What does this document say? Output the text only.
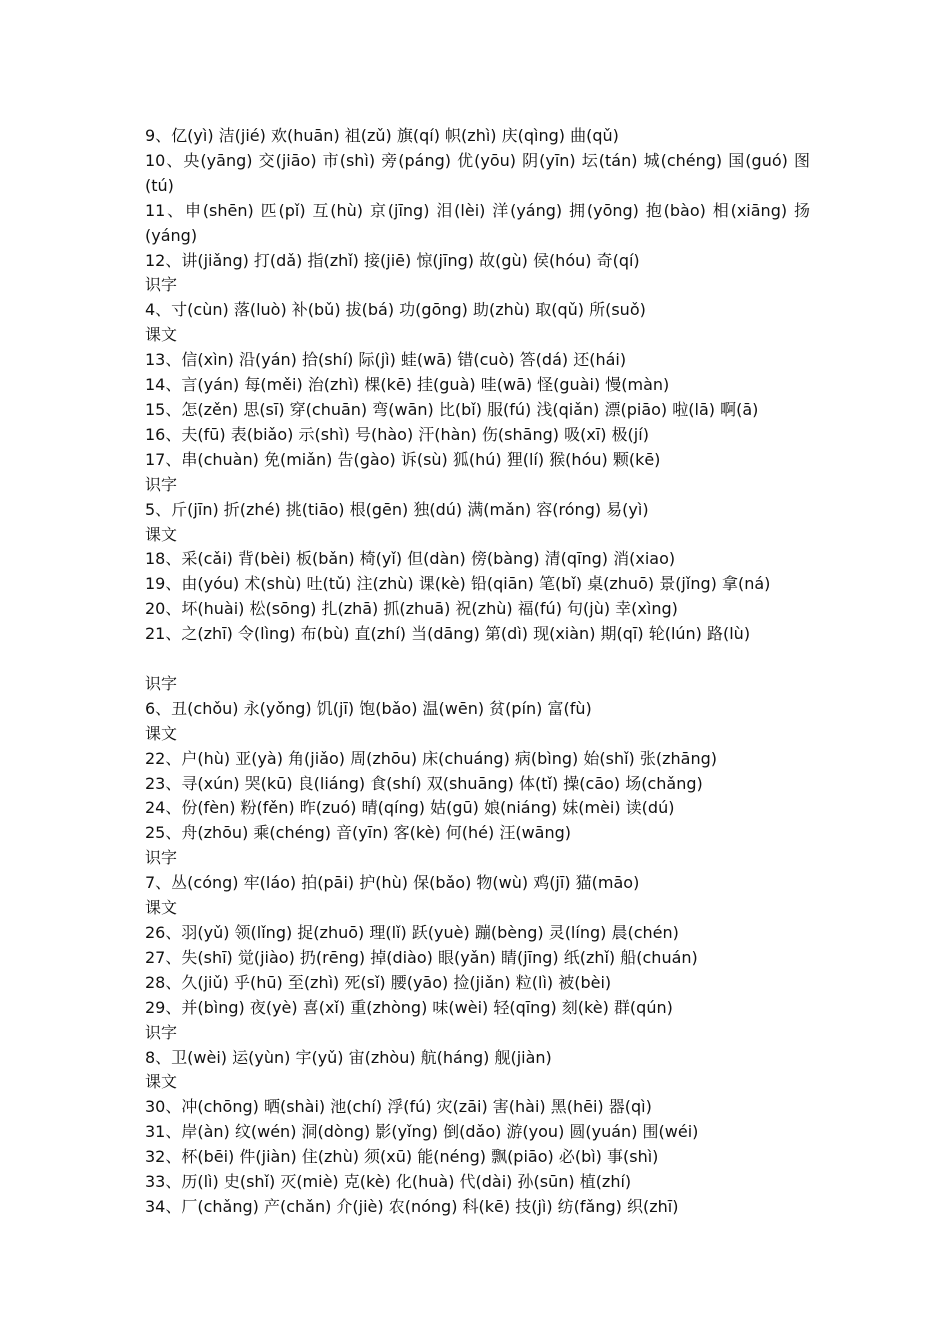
9、亿(yì) 洁(jié) 欢(huān) 祖(zǔ) 旗(qí) 帜(zhì) 庆(qìng) 曲(qǔ)
10、央(yāng) 交(jiāo) 市(shì) 旁(páng) 优(yōu) 阴(yīn) 坛(tán) 城(chéng) 国(guó) 图(tú)
11、申(shēn) 匹(pǐ) 互(hù) 京(jīng) 泪(lèi) 洋(yáng) 拥(yōng) 抱(bào) 相(xiāng) 扬(yáng)
12、讲(jiǎng) 打(dǎ) 指(zhǐ) 接(jiē) 惊(jīng) 故(gù) 侯(hóu) 奇(qí)
识字
4、寸(cùn) 落(luò) 补(bǔ) 拔(bá) 功(gōng) 助(zhù) 取(qǔ) 所(suǒ)
课文
13、信(xìn) 沿(yán) 拾(shí) 际(jì) 蛙(wā) 错(cuò) 答(dá) 还(hái)
14、言(yán) 每(měi) 治(zhì) 棵(kē) 挂(guà) 哇(wā) 怪(guài) 慢(màn)
15、怎(zěn) 思(sī) 穿(chuān) 弯(wān) 比(bǐ) 服(fú) 浅(qiǎn) 漂(piāo) 啦(lā) 啊(ā)
16、夫(fū) 表(biǎo) 示(shì) 号(hào) 汗(hàn) 伤(shāng) 吸(xī) 极(jí)
17、串(chuàn) 免(miǎn) 告(gào) 诉(sù) 狐(hú) 狸(lí) 猴(hóu) 颗(kē)
识字
5、斤(jīn) 折(zhé) 挑(tiāo) 根(gēn) 独(dú) 满(mǎn) 容(róng) 易(yì)
课文
18、采(cǎi) 背(bèi) 板(bǎn) 椅(yǐ) 但(dàn) 傍(bàng) 清(qīng) 消(xiao)
19、由(yóu) 术(shù) 吐(tǔ) 注(zhù) 课(kè) 铅(qiān) 笔(bǐ) 桌(zhuō) 景(jǐng) 拿(ná)
20、坏(huài) 松(sōng) 扎(zhā) 抓(zhuā) 祝(zhù) 福(fú) 句(jù) 幸(xìng)
21、之(zhī) 令(lìng) 布(bù) 直(zhí) 当(dāng) 第(dì) 现(xiàn) 期(qī) 轮(lún) 路(lù)
识字
6、丑(chǒu) 永(yǒng) 饥(jī) 饱(bǎo) 温(wēn) 贫(pín) 富(fù)
课文
22、户(hù) 亚(yà) 角(jiǎo) 周(zhōu) 床(chuáng) 病(bìng) 始(shǐ) 张(zhāng)
23、寻(xún) 哭(kū) 良(liáng) 食(shí) 双(shuāng) 体(tǐ) 操(cāo) 场(chǎng)
24、份(fèn) 粉(fěn) 昨(zuó) 晴(qíng) 姑(gū) 娘(niáng) 妹(mèi) 读(dú)
25、舟(zhōu) 乘(chéng) 音(yīn) 客(kè) 何(hé) 汪(wāng)
识字
7、丛(cóng) 牢(láo) 拍(pāi) 护(hù) 保(bǎo) 物(wù) 鸡(jī) 猫(māo)
课文
26、羽(yǔ) 领(lǐng) 捉(zhuō) 理(lǐ) 跃(yuè) 蹦(bèng) 灵(líng) 晨(chén)
27、失(shī) 觉(jiào) 扔(rēng) 掉(diào) 眼(yǎn) 睛(jīng) 纸(zhǐ) 船(chuán)
28、久(jiǔ) 乎(hū) 至(zhì) 死(sǐ) 腰(yāo) 捡(jiǎn) 粒(lì) 被(bèi)
29、并(bìng) 夜(yè) 喜(xǐ) 重(zhòng) 味(wèi) 轻(qīng) 刻(kè) 群(qún)
识字
8、卫(wèi) 运(yùn) 宇(yǔ) 宙(zhòu) 航(háng) 舰(jiàn)
课文
30、冲(chōng) 晒(shài) 池(chí) 浮(fú) 灾(zāi) 害(hài) 黑(hēi) 器(qì)
31、岸(àn) 纹(wén) 洞(dòng) 影(yǐng) 倒(dǎo) 游(you) 圆(yuán) 围(wéi)
32、杯(bēi) 件(jiàn) 住(zhù) 须(xū) 能(néng) 飘(piāo) 必(bì) 事(shì)
33、历(lì) 史(shǐ) 灭(miè) 克(kè) 化(huà) 代(dài) 孙(sūn) 植(zhí)
34、厂(chǎng) 产(chǎn) 介(jiè) 农(nóng) 科(kē) 技(jì) 纺(fǎng) 织(zhī)
